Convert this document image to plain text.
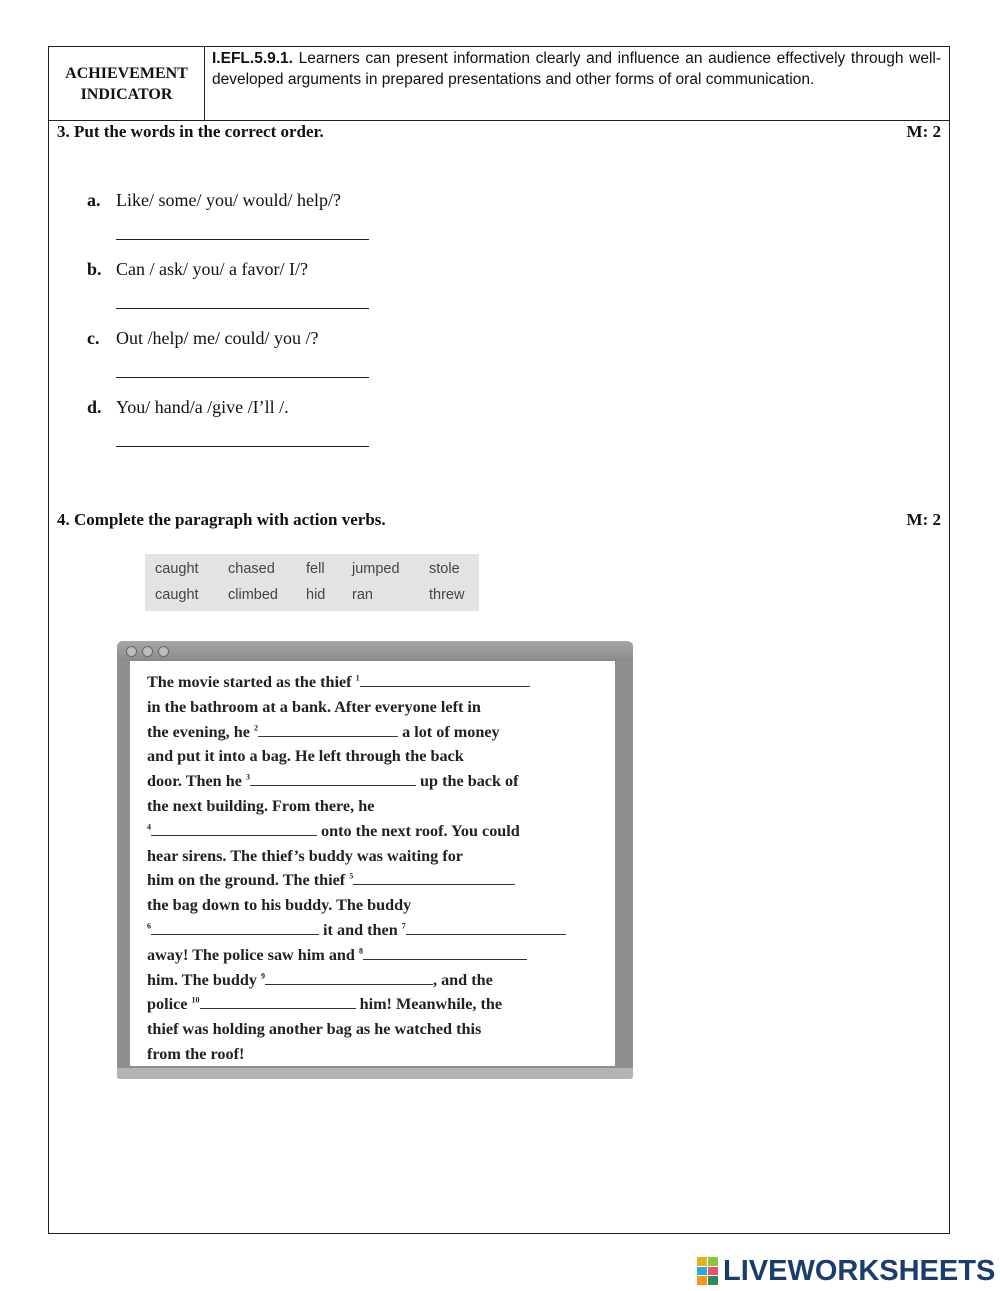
ACHIEVEMENT
INDICATOR
I.EFL.5.9.1. Learners can present information clearly and influence an audience effectively through well-developed arguments in prepared presentations and other forms of oral communication.
3. Put the words in the correct order.	M: 2
a. Like/ some/ you/ would/ help/?
b. Can / ask/ you/ a favor/ I/?
c. Out /help/ me/ could/ you /?
d. You/ hand/a /give /I’ll /.
4. Complete the paragraph with action verbs.	M: 2
caught chased fell jumped stole
caught climbed hid ran	threw
The movie started as the thief $^1$
in the bathroom at a bank. After everyone left in
the evening, he $^2$	a lot of money
and put it into a bag. He left through the back
door. Then he $^3$	up the back of
the next building. From there, he
$^4$	onto the next roof. You could
hear sirens. The thief’s buddy was waiting for
him on the ground. The thief $^5$
the bag down to his buddy. The buddy
$^6$	it and then $^7$
away! The police saw him and $^8$
him. The buddy $^9$	, and the
police $^{10}$	him! Meanwhile, the
thief was holding another bag as he watched this
from the roof!
LIVEWORKSHEETS
